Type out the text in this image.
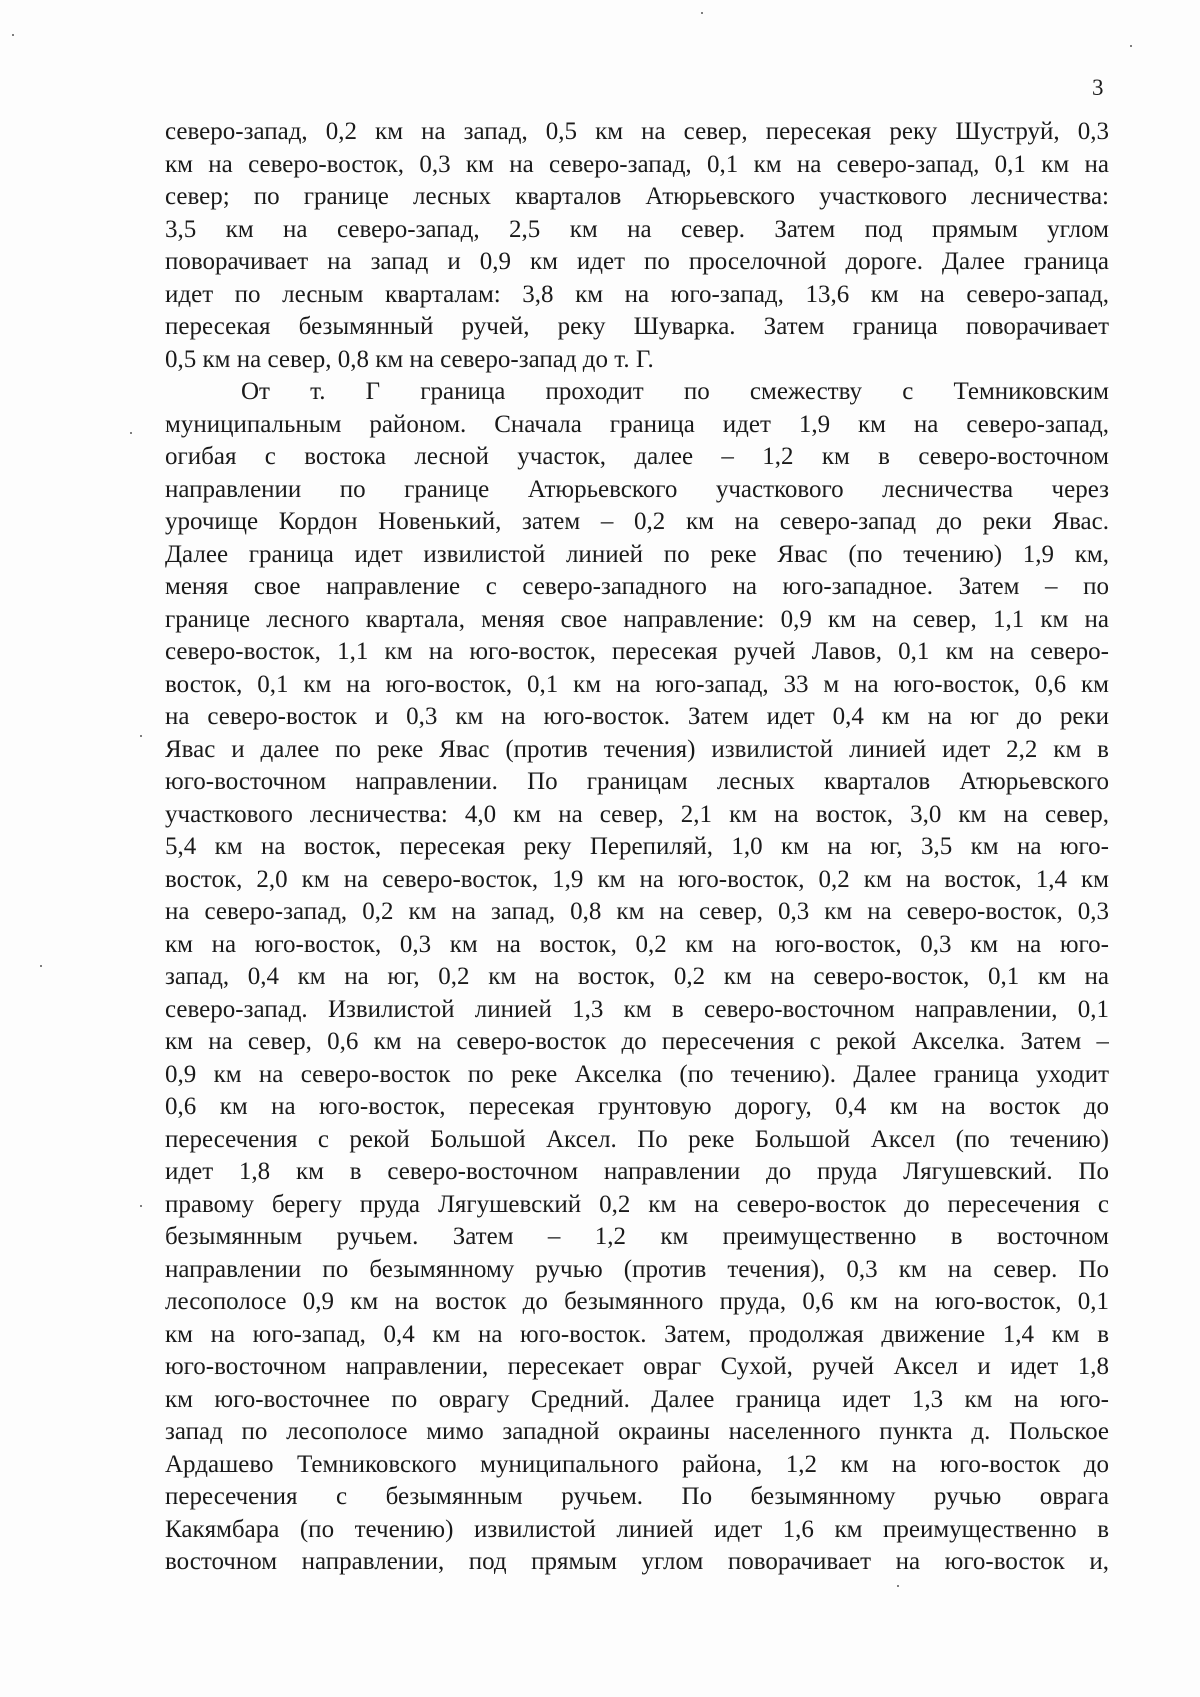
3
северо-запад, 0,2 км на запад, 0,5 км на север, пересекая реку Шуструй, 0,3
км на северо-восток, 0,3 км на северо-запад, 0,1 км на северо-запад, 0,1 км на
север; по границе лесных кварталов Атюрьевского участкового лесничества:
3,5 км на северо-запад, 2,5 км на север. Затем под прямым углом
поворачивает на запад и 0,9 км идет по проселочной дороге. Далее граница
идет по лесным кварталам: 3,8 км на юго-запад, 13,6 км на северо-запад,
пересекая безымянный ручей, реку Шуварка. Затем граница поворачивает
0,5 км на север, 0,8 км на северо-запад до т. Г.
От т. Г граница проходит по смежеству с Темниковским
муниципальным районом. Сначала граница идет 1,9 км на северо-запад,
огибая с востока лесной участок, далее – 1,2 км в северо-восточном
направлении по границе Атюрьевского участкового лесничества через
урочище Кордон Новенький, затем – 0,2 км на северо-запад до реки Явас.
Далее граница идет извилистой линией по реке Явас (по течению) 1,9 км,
меняя свое направление с северо-западного на юго-западное. Затем – по
границе лесного квартала, меняя свое направление: 0,9 км на север, 1,1 км на
северо-восток, 1,1 км на юго-восток, пересекая ручей Лавов, 0,1 км на северо-
восток, 0,1 км на юго-восток, 0,1 км на юго-запад, 33 м на юго-восток, 0,6 км
на северо-восток и 0,3 км на юго-восток. Затем идет 0,4 км на юг до реки
Явас и далее по реке Явас (против течения) извилистой линией идет 2,2 км в
юго-восточном направлении. По границам лесных кварталов Атюрьевского
участкового лесничества: 4,0 км на север, 2,1 км на восток, 3,0 км на север,
5,4 км на восток, пересекая реку Перепиляй, 1,0 км на юг, 3,5 км на юго-
восток, 2,0 км на северо-восток, 1,9 км на юго-восток, 0,2 км на восток, 1,4 км
на северо-запад, 0,2 км на запад, 0,8 км на север, 0,3 км на северо-восток, 0,3
км на юго-восток, 0,3 км на восток, 0,2 км на юго-восток, 0,3 км на юго-
запад, 0,4 км на юг, 0,2 км на восток, 0,2 км на северо-восток, 0,1 км на
северо-запад. Извилистой линией 1,3 км в северо-восточном направлении, 0,1
км на север, 0,6 км на северо-восток до пересечения с рекой Акселка. Затем –
0,9 км на северо-восток по реке Акселка (по течению). Далее граница уходит
0,6 км на юго-восток, пересекая грунтовую дорогу, 0,4 км на восток до
пересечения с рекой Большой Аксел. По реке Большой Аксел (по течению)
идет 1,8 км в северо-восточном направлении до пруда Лягушевский. По
правому берегу пруда Лягушевский 0,2 км на северо-восток до пересечения с
безымянным ручьем. Затем – 1,2 км преимущественно в восточном
направлении по безымянному ручью (против течения), 0,3 км на север. По
лесополосе 0,9 км на восток до безымянного пруда, 0,6 км на юго-восток, 0,1
км на юго-запад, 0,4 км на юго-восток. Затем, продолжая движение 1,4 км в
юго-восточном направлении, пересекает овраг Сухой, ручей Аксел и идет 1,8
км юго-восточнее по оврагу Средний. Далее граница идет 1,3 км на юго-
запад по лесополосе мимо западной окраины населенного пункта д. Польское
Ардашево Темниковского муниципального района, 1,2 км на юго-восток до
пересечения с безымянным ручьем. По безымянному ручью оврага
Какямбара (по течению) извилистой линией идет 1,6 км преимущественно в
восточном направлении, под прямым углом поворачивает на юго-восток и,
